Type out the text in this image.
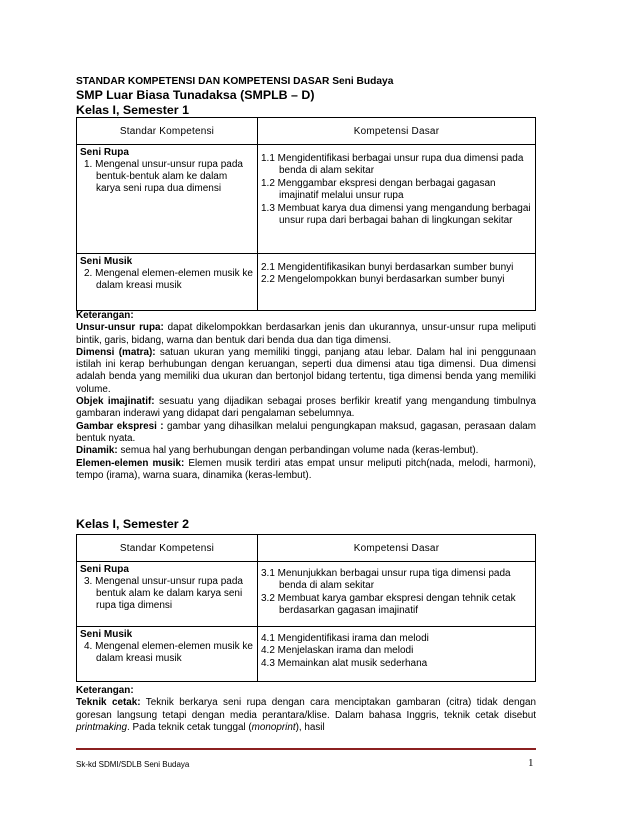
STANDAR KOMPETENSI DAN KOMPETENSI DASAR Seni Budaya
SMP Luar Biasa Tunadaksa (SMPLB – D)
Kelas I, Semester 1
Standar Kompetensi	Kompetensi Dasar

Seni Rupa
1. Mengenal unsur-unsur rupa pada bentuk-bentuk alam ke dalam karya seni rupa dua dimensi	1.1 Mengidentifikasi berbagai unsur rupa dua dimensi pada benda di alam sekitar
1.2 Menggambar ekspresi dengan berbagai gagasan imajinatif melalui unsur rupa
1.3 Membuat karya dua dimensi yang mengandung berbagai unsur rupa dari berbagai bahan di lingkungan sekitar

Seni Musik
2. Mengenal elemen-elemen musik ke dalam kreasi musik	2.1 Mengidentifikasikan bunyi berdasarkan sumber bunyi
2.2 Mengelompokkan bunyi berdasarkan sumber bunyi

Keterangan:

Unsur-unsur rupa: dapat dikelompokkan berdasarkan jenis dan ukurannya, unsur-unsur rupa meliputi bintik, garis, bidang, warna dan bentuk dari benda dua dan tiga dimensi.

Dimensi (matra): satuan ukuran yang memiliki tinggi, panjang atau lebar. Dalam hal ini penggunaan istilah ini kerap berhubungan dengan keruangan, seperti dua dimensi atau tiga dimensi. Dua dimensi adalah benda yang memiliki dua ukuran dan bertonjol bidang tertentu, tiga dimensi benda yang memiliki volume.

Objek imajinatif: sesuatu yang dijadikan sebagai proses berfikir kreatif yang mengandung timbulnya gambaran inderawi yang didapat dari pengalaman sebelumnya.

Gambar ekspresi : gambar yang dihasilkan melalui pengungkapan maksud, gagasan, perasaan dalam bentuk nyata.

Dinamik: semua hal yang berhubungan dengan perbandingan volume nada (keras-lembut).

Elemen-elemen musik: Elemen musik terdiri atas empat unsur meliputi pitch(nada, melodi, harmoni), tempo (irama), warna suara, dinamika (keras-lembut).

Kelas I, Semester 2
Standar Kompetensi	Kompetensi Dasar

Seni Rupa
3. Mengenal unsur-unsur rupa pada bentuk alam ke dalam karya seni rupa tiga dimensi	3.1 Menunjukkan berbagai unsur rupa tiga dimensi pada benda di alam sekitar
3.2 Membuat karya gambar ekspresi dengan tehnik cetak berdasarkan gagasan imajinatif

Seni Musik
4. Mengenal elemen-elemen musik ke dalam kreasi musik	4.1 Mengidentifikasi irama dan melodi
4.2 Menjelaskan irama dan melodi
4.3 Memainkan alat musik sederhana

Keterangan:

Teknik cetak: Teknik berkarya seni rupa dengan cara menciptakan gambaran (citra) tidak dengan goresan langsung tetapi dengan media perantara/klise. Dalam bahasa Inggris, teknik cetak disebut printmaking. Pada teknik cetak tunggal (monoprint), hasil

Sk-kd SDMI/SDLB Seni Budaya	1
